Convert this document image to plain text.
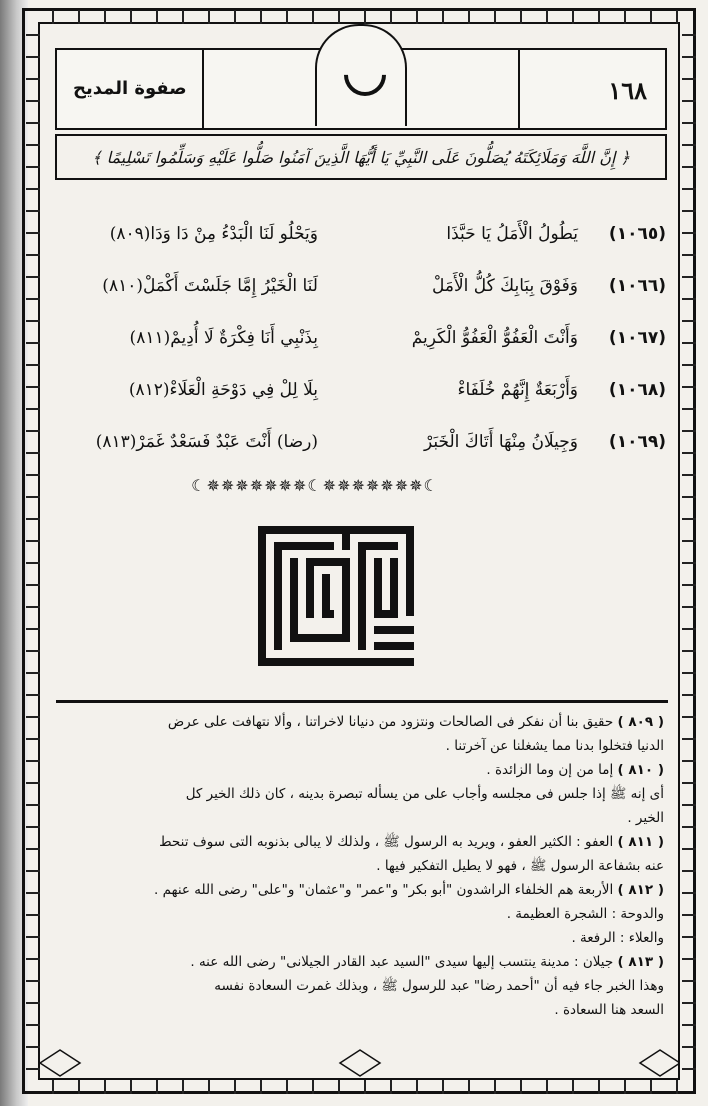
صفوة المديح	١٦٨
﴿ إِنَّ اللَّهَ وَمَلَائِكَتَهُ يُصَلُّونَ عَلَى النَّبِيِّ يَا أَيُّهَا الَّذِينَ آمَنُوا صَلُّوا عَلَيْهِ وَسَلِّمُوا تَسْلِيمًا ﴾
(١٠٦٥)
يَطُولُ الْأَمَلُ يَا حَبَّذَا
وَيَحْلُو لَنَا الْبَدْءُ مِنْ دَا وَدَا(٨٠٩)
(١٠٦٦)
وَفَوْقَ بِبَابِكَ كُلُّ الْأَمَلْ
لَنَا الْخَيْرُ إِمَّا جَلَسْتَ أَكْمَلْ(٨١٠)
(١٠٦٧)
وَأَنْتَ الْعَفُوُّ الْعَفُوُّ الْكَرِيمْ
بِذَنْبِي أَنَا فِكْرَةٌ لَا أُدِيمْ(٨١١)
(١٠٦٨)
وَأَرْبَعَةٌ إِنَّهُمْ خُلَفَاءْ
بِلَا لِلْ فِي دَوْحَةِ الْعَلَاءْ(٨١٢)
(١٠٦٩)
وَجِيلَانُ مِنْهَا أَتَاكَ الْخَبَرْ
(رضا) أَنْتَ عَبْدٌ فَسَعْدٌ غَمَرْ(٨١٣)
☾✵✵✵✵✵✵✵☾✵✵✵✵✵✵✵☾
( ٨٠٩ ) حقيق بنا أن نفكر فى الصالحات ونتزود من دنيانا لاخراتنا ، وألا نتهافت على عرض
الدنيا فتخلوا بدنا مما يشغلنا عن آخرتنا .
( ٨١٠ ) إما من إن وما الزائدة .
أى إنه ﷺ إذا جلس فى مجلسه وأجاب على من يسأله تبصرة بدينه ، كان ذلك الخير كل
الخير .
( ٨١١ ) العفو : الكثير العفو ، ويريد به الرسول ﷺ ، ولذلك لا يبالى بذنوبه التى سوف تنحط
عنه بشفاعة الرسول ﷺ ، فهو لا يطيل التفكير فيها .
( ٨١٢ ) الأربعة هم الخلفاء الراشدون "أبو بكر" و"عمر" و"عثمان" و"على" رضى الله عنهم .
والدوحة : الشجرة العظيمة .
والعلاء : الرفعة .
( ٨١٣ ) جيلان : مدينة ينتسب إليها سيدى "السيد عبد القادر الجيلانى" رضى الله عنه .
وهذا الخبر جاء فيه أن "أحمد رضا" عبد للرسول ﷺ ، وبذلك غمرت السعادة نفسه
السعد هنا السعادة .
